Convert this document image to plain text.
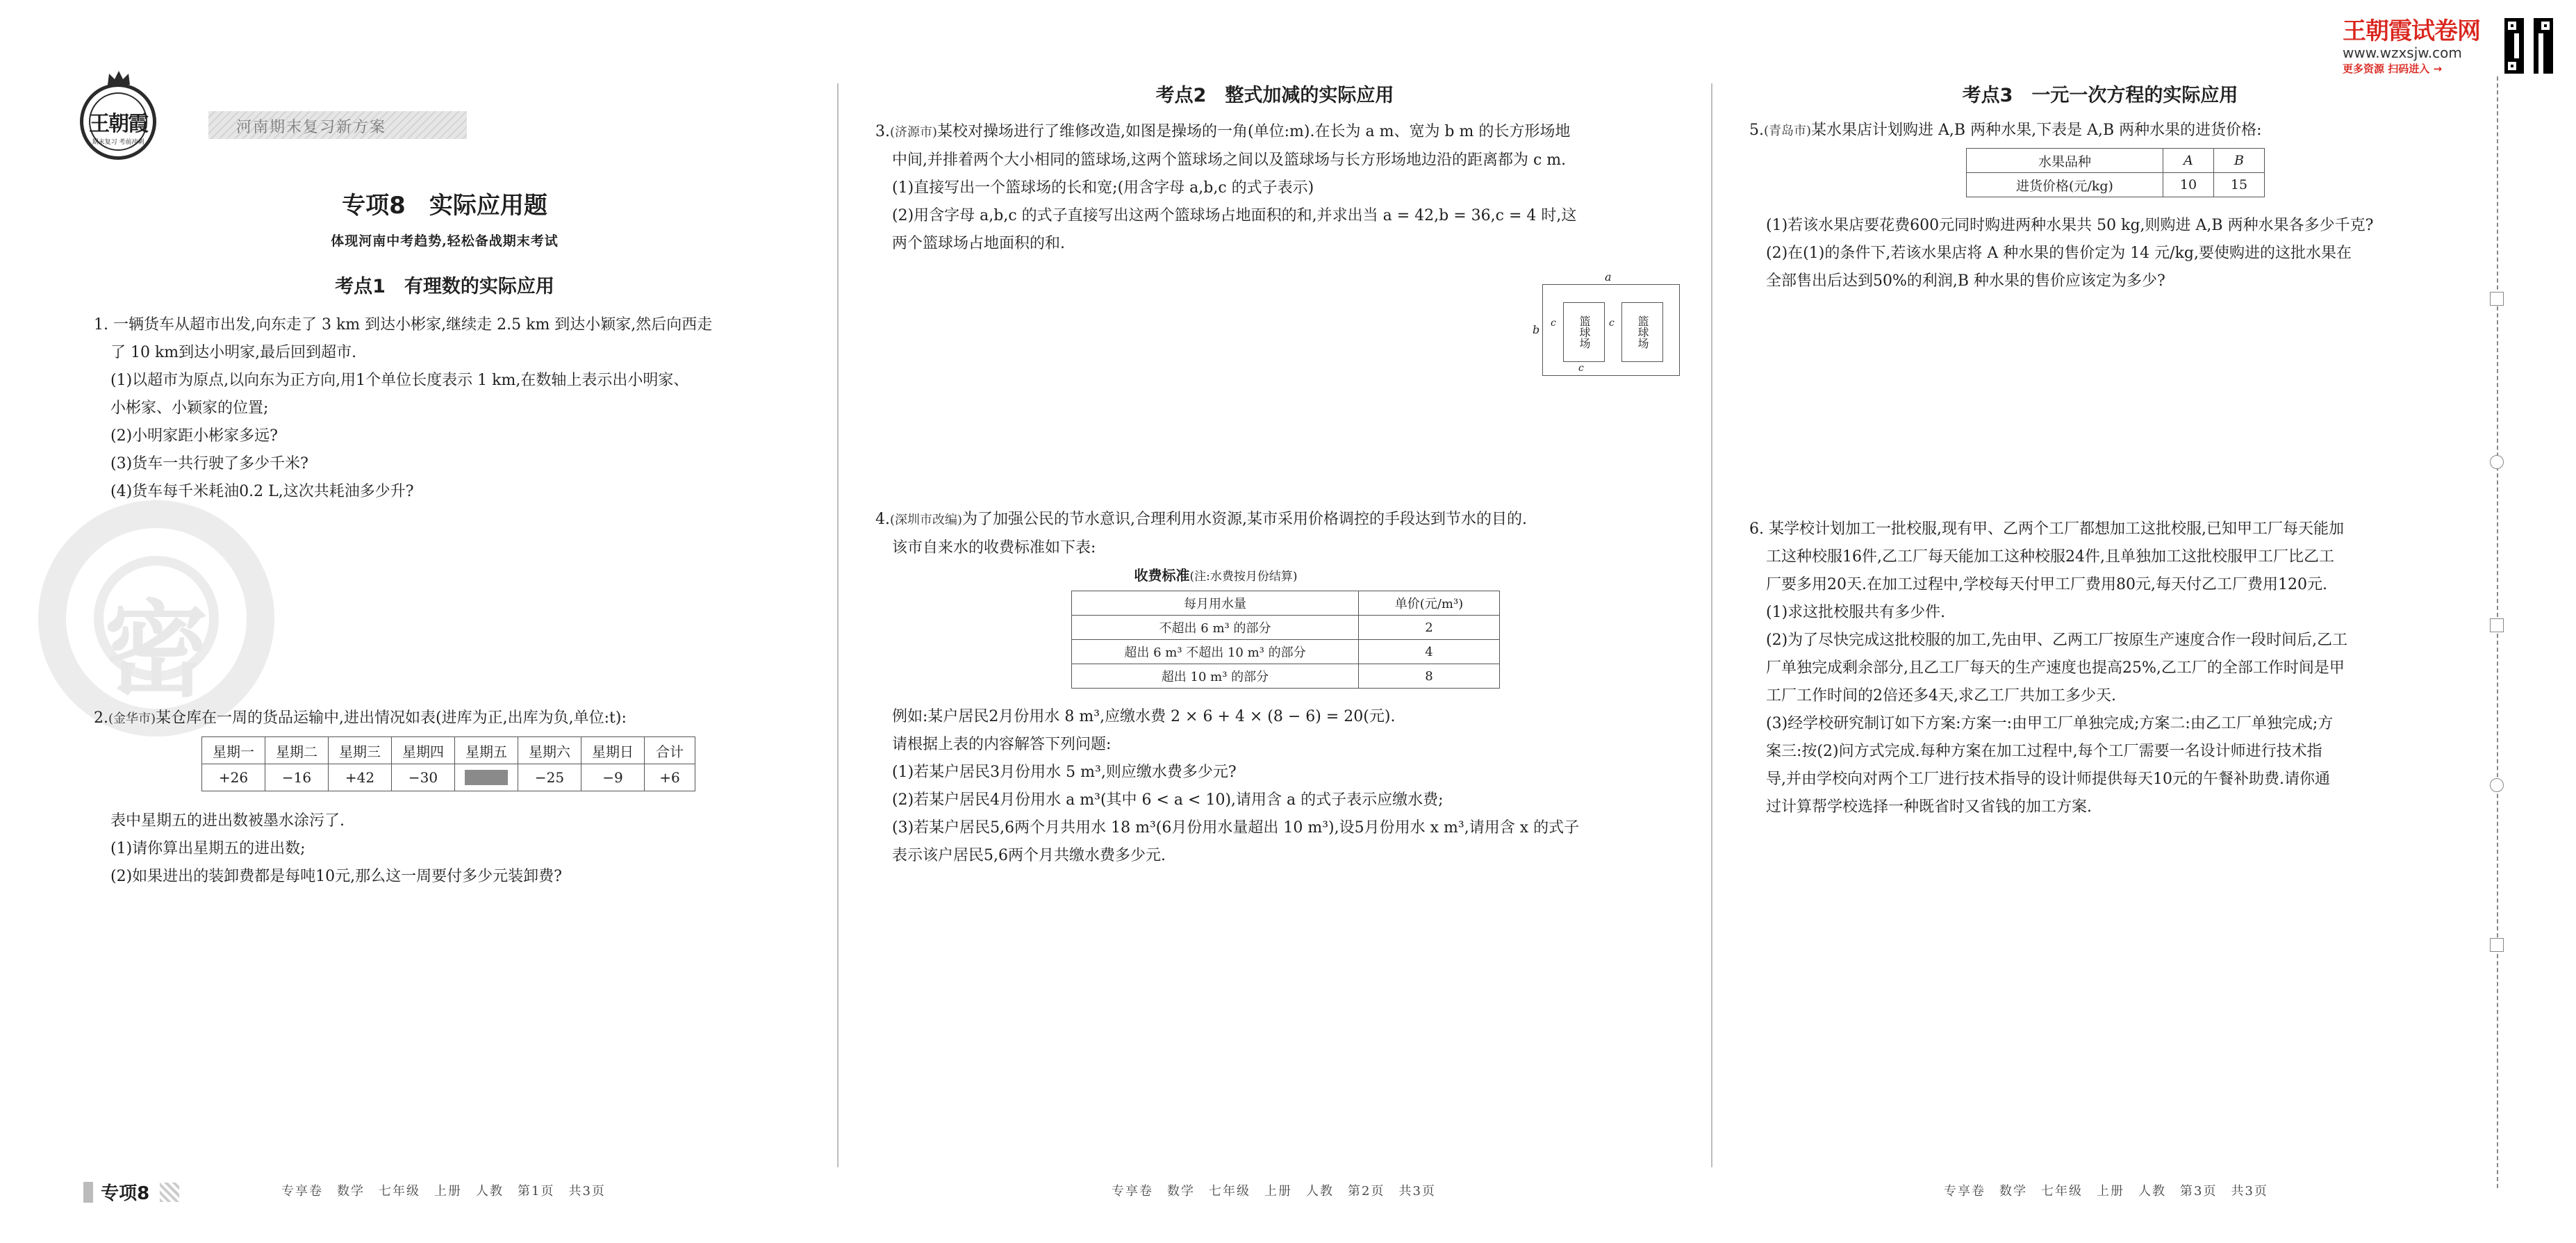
密
王朝霞
期末复习 考前冲刺
河南期末复习新方案
王朝霞试卷网
www.wzxsjw.com
更多资源 扫码进入 →
专项8　实际应用题
体现河南中考趋势,轻松备战期末考试
考点1　有理数的实际应用

1. 一辆货车从超市出发,向东走了 3 km 到达小彬家,继续走 2.5 km 到达小颖家,然后向西走

了 10 km到达小明家,最后回到超市.

(1)以超市为原点,以向东为正方向,用1个单位长度表示 1 km,在数轴上表示出小明家、

小彬家、小颖家的位置;

(2)小明家距小彬家多远?

(3)货车一共行驶了多少千米?

(4)货车每千米耗油0.2 L,这次共耗油多少升?

2.(金华市)某仓库在一周的货品运输中,进出情况如表(进库为正,出库为负,单位:t):

星期一	星期二	星期三	星期四	星期五	星期六	星期日	合计
+26	−16	+42	−30		−25	−9	+6

表中星期五的进出数被墨水涂污了.

(1)请你算出星期五的进出数;

(2)如果进出的装卸费都是每吨10元,那么这一周要付多少元装卸费?

专项8	专享卷　数学　七年级　上册　人教　第1页　共3页
考点2　整式加减的实际应用

3.(济源市)某校对操场进行了维修改造,如图是操场的一角(单位:m).在长为 a m、宽为 b m 的长方形场地

中间,并排着两个大小相同的篮球场,这两个篮球场之间以及篮球场与长方形场地边沿的距离都为 c m.

(1)直接写出一个篮球场的长和宽;(用含字母 a,b,c 的式子表示)

(2)用含字母 a,b,c 的式子直接写出这两个篮球场占地面积的和,并求出当 a = 42,b = 36,c = 4 时,这

两个篮球场占地面积的和.

a
b	篮球场	篮球场
c	c
c

4.(深圳市改编)为了加强公民的节水意识,合理利用水资源,某市采用价格调控的手段达到节水的目的.

该市自来水的收费标准如下表:

收费标准(注:水费按月份结算)
每月用水量	单价(元/m³)
不超出 6 m³ 的部分	2
超出 6 m³ 不超出 10 m³ 的部分	4
超出 10 m³ 的部分	8

例如:某户居民2月份用水 8 m³,应缴水费 2 × 6 + 4 × (8 − 6) = 20(元).

请根据上表的内容解答下列问题:

(1)若某户居民3月份用水 5 m³,则应缴水费多少元?

(2)若某户居民4月份用水 a m³(其中 6 < a < 10),请用含 a 的式子表示应缴水费;

(3)若某户居民5,6两个月共用水 18 m³(6月份用水量超出 10 m³),设5月份用水 x m³,请用含 x 的式子

表示该户居民5,6两个月共缴水费多少元.

专享卷　数学　七年级　上册　人教　第2页　共3页
考点3　一元一次方程的实际应用

5.(青岛市)某水果店计划购进 A,B 两种水果,下表是 A,B 两种水果的进货价格:

水果品种	A	B
进货价格(元/kg)	10	15

(1)若该水果店要花费600元同时购进两种水果共 50 kg,则购进 A,B 两种水果各多少千克?

(2)在(1)的条件下,若该水果店将 A 种水果的售价定为 14 元/kg,要使购进的这批水果在

全部售出后达到50%的利润,B 种水果的售价应该定为多少?

6. 某学校计划加工一批校服,现有甲、乙两个工厂都想加工这批校服,已知甲工厂每天能加

工这种校服16件,乙工厂每天能加工这种校服24件,且单独加工这批校服甲工厂比乙工

厂要多用20天.在加工过程中,学校每天付甲工厂费用80元,每天付乙工厂费用120元.

(1)求这批校服共有多少件.

(2)为了尽快完成这批校服的加工,先由甲、乙两工厂按原生产速度合作一段时间后,乙工

厂单独完成剩余部分,且乙工厂每天的生产速度也提高25%,乙工厂的全部工作时间是甲

工厂工作时间的2倍还多4天,求乙工厂共加工多少天.

(3)经学校研究制订如下方案:方案一:由甲工厂单独完成;方案二:由乙工厂单独完成;方

案三:按(2)问方式完成.每种方案在加工过程中,每个工厂需要一名设计师进行技术指

导,并由学校向对两个工厂进行技术指导的设计师提供每天10元的午餐补助费.请你通

过计算帮学校选择一种既省时又省钱的加工方案.

专享卷　数学　七年级　上册　人教　第3页　共3页
